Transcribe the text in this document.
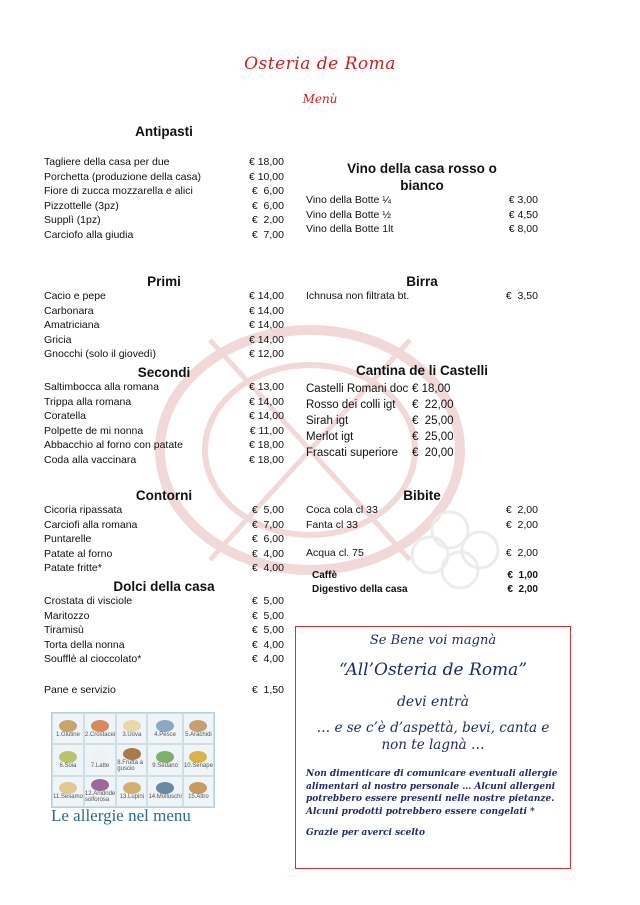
Osteria de Roma
Menù
Antipasti
Tagliere della casa per due	€ 18,00
Porchetta (produzione della casa)	€ 10,00
Fiore di zucca mozzarella e alici	€  6,00
Pizzottelle (3pz)	€  6,00
Supplì (1pz)	€  2,00
Carciofo alla giudia	€  7,00
Primi
Cacio e pepe	€ 14,00
Carbonara	€ 14,00
Amatriciana	€ 14,00
Gricia	€ 14,00
Gnocchi (solo il giovedì)	€ 12,00
Secondi
Saltimbocca alla romana	€ 13,00
Trippa alla romana	€ 14,00
Coratella	€ 14,00
Polpette de mi nonna	€ 11,00
Abbacchio al forno con patate	€ 18,00
Coda alla vaccinara	€ 18,00
Contorni
Cicoria ripassata	€  5,00
Carciofi alla romana	€  7,00
Puntarelle	€  6,00
Patate al forno	€  4,00
Patate fritte*	€  4,00
Dolci della casa
Crostata di visciole	€  5,00
Maritozzo	€  5,00
Tiramisù	€  5,00
Torta della nonna	€  4,00
Soufflè al cioccolato*	€  4,00
Pane e servizio	€  1,50
Vino della casa rosso o
bianco
Vino della Botte ¼	€ 3,00
Vino della Botte ½	€ 4,50
Vino della Botte 1lt	€ 8,00
Birra
Ichnusa non filtrata bt.	€  3,50
Cantina de li Castelli
Castelli Romani doc € 18,00
Rosso dei colli igt €  22,00
Sirah igt	€  25,00
Merlot igt	€  25,00
Frascati superiore €  20,00
Bibite
Coca cola cl 33	€  2,00
Fanta cl 33	€  2,00
Acqua cl. 75	€  2,00
Caffè	€  1,00
Digestivo della casa	€  2,00
Se Bene voi magnà
“All’Osteria de Roma”
devi entrà
… e se c’è d’aspettà, bevi, canta e non te lagnà …
Non dimenticare di comunicare eventuali allergie alimentari al nostro personale … Alcuni allergeni potrebbero essere presenti nelle nostre pietanze. Alcuni prodotti potrebbero essere congelati *
Grazie per averci scelto
1.Glutine 2.Crostacei 3.Uova 4.Pesce 5.Arachidi
6.Soia 7.Latte 8.Frutta a guscio	9.Sedano 10.Senape
11.Sesamo 12.Anidride solforosa	13.Lupini 14.Molluschi 15.Altro
Le allergie nel menu
